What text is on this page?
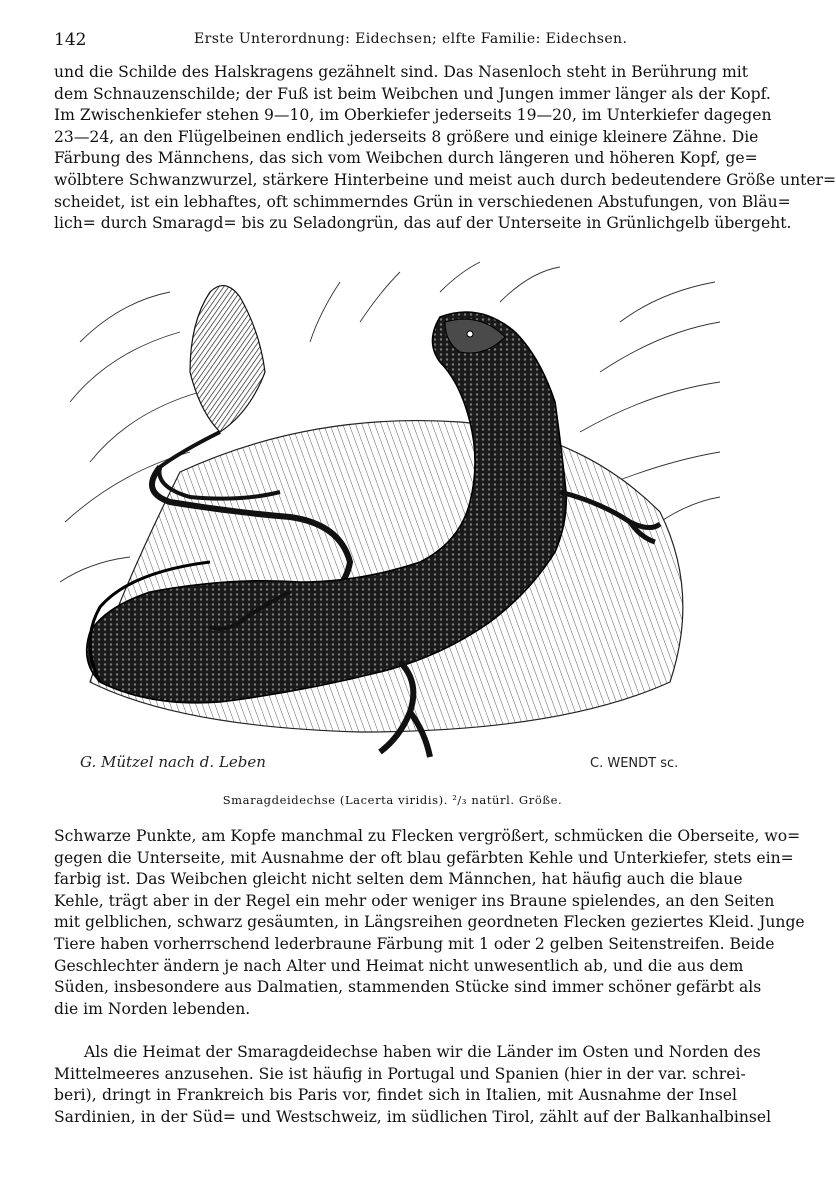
142	Erste Unterordnung: Eidechsen; elfte Familie: Eidechsen.

und die Schilde des Halskragens gezähnelt sind. Das Nasenloch steht in Berührung mit
dem Schnauzenschilde; der Fuß ist beim Weibchen und Jungen immer länger als der Kopf.
Im Zwischenkiefer stehen 9—10, im Oberkiefer jederseits 19—20, im Unterkiefer dagegen
23—24, an den Flügelbeinen endlich jederseits 8 größere und einige kleinere Zähne. Die
Färbung des Männchens, das sich vom Weibchen durch längeren und höheren Kopf, ge=
wölbtere Schwanzwurzel, stärkere Hinterbeine und meist auch durch bedeutendere Größe unter=
scheidet, ist ein lebhaftes, oft schimmerndes Grün in verschiedenen Abstufungen, von Bläu=
lich= durch Smaragd= bis zu Seladongrün, das auf der Unterseite in Grünlichgelb übergeht.

G. Mützel nach d. Leben	C. WENDT sc.
Smaragdeidechse (Lacerta viridis). ²/₃ natürl. Größe.

Schwarze Punkte, am Kopfe manchmal zu Flecken vergrößert, schmücken die Oberseite, wo=
gegen die Unterseite, mit Ausnahme der oft blau gefärbten Kehle und Unterkiefer, stets ein=
farbig ist. Das Weibchen gleicht nicht selten dem Männchen, hat häufig auch die blaue
Kehle, trägt aber in der Regel ein mehr oder weniger ins Braune spielendes, an den Seiten
mit gelblichen, schwarz gesäumten, in Längsreihen geordneten Flecken geziertes Kleid. Junge
Tiere haben vorherrschend lederbraune Färbung mit 1 oder 2 gelben Seitenstreifen. Beide
Geschlechter ändern je nach Alter und Heimat nicht unwesentlich ab, und die aus dem
Süden, insbesondere aus Dalmatien, stammenden Stücke sind immer schöner gefärbt als
die im Norden lebenden.

Als die Heimat der Smaragdeidechse haben wir die Länder im Osten und Norden des
Mittelmeeres anzusehen. Sie ist häufig in Portugal und Spanien (hier in der var. schrei-
beri), dringt in Frankreich bis Paris vor, findet sich in Italien, mit Ausnahme der Insel
Sardinien, in der Süd= und Westschweiz, im südlichen Tirol, zählt auf der Balkanhalbinsel
